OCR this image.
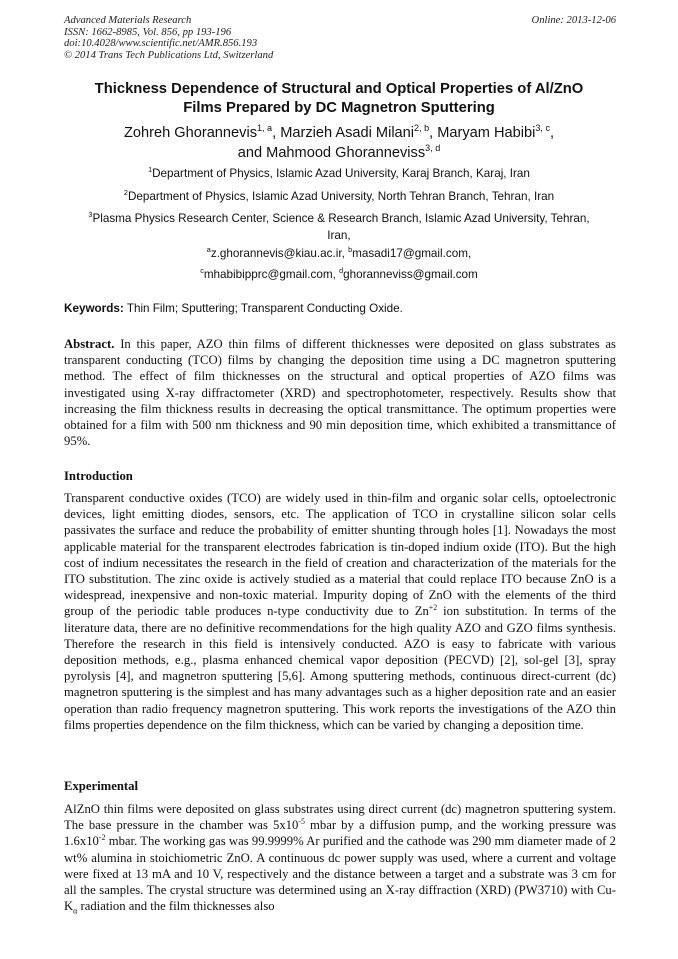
Advanced Materials Research
ISSN: 1662-8985, Vol. 856, pp 193-196
doi:10.4028/www.scientific.net/AMR.856.193
© 2014 Trans Tech Publications Ltd, Switzerland
Online: 2013-12-06
Thickness Dependence of Structural and Optical Properties of Al/ZnO
Films Prepared by DC Magnetron Sputtering
Zohreh Ghorannevis$^{1, a}$, Marzieh Asadi Milani$^{2, b}$, Maryam Habibi$^{3, c}$,
and Mahmood Ghoranneviss$^{3, d}$
$^1$Department of Physics, Islamic Azad University, Karaj Branch, Karaj, Iran
$^2$Department of Physics, Islamic Azad University, North Tehran Branch, Tehran, Iran
$^3$Plasma Physics Research Center, Science & Research Branch, Islamic Azad University, Tehran, Iran,
$^a$z.ghorannevis@kiau.ac.ir, $^b$masadi17@gmail.com,
$^c$mhabibipprc@gmail.com, $^d$ghoranneviss@gmail.com
Keywords: Thin Film; Sputtering; Transparent Conducting Oxide.
Abstract. In this paper, AZO thin films of different thicknesses were deposited on glass substrates as transparent conducting (TCO) films by changing the deposition time using a DC magnetron sputtering method. The effect of film thicknesses on the structural and optical properties of AZO films was investigated using X-ray diffractometer (XRD) and spectrophotometer, respectively. Results show that increasing the film thickness results in decreasing the optical transmittance. The optimum properties were obtained for a film with 500 nm thickness and 90 min deposition time, which exhibited a transmittance of 95%.
Introduction
Transparent conductive oxides (TCO) are widely used in thin-film and organic solar cells, optoelectronic devices, light emitting diodes, sensors, etc. The application of TCO in crystalline silicon solar cells passivates the surface and reduce the probability of emitter shunting through holes [1]. Nowadays the most applicable material for the transparent electrodes fabrication is tin-doped indium oxide (ITO). But the high cost of indium necessitates the research in the field of creation and characterization of the materials for the ITO substitution. The zinc oxide is actively studied as a material that could replace ITO because ZnO is a widespread, inexpensive and non-toxic material. Impurity doping of ZnO with the elements of the third group of the periodic table produces n-type conductivity due to $Zn^{+2}$ ion substitution. In terms of the literature data, there are no definitive recommendations for the high quality AZO and GZO films synthesis. Therefore the research in this field is intensively conducted. AZO is easy to fabricate with various deposition methods, e.g., plasma enhanced chemical vapor deposition (PECVD) [2], sol-gel [3], spray pyrolysis [4], and magnetron sputtering [5,6]. Among sputtering methods, continuous direct-current (dc) magnetron sputtering is the simplest and has many advantages such as a higher deposition rate and an easier operation than radio frequency magnetron sputtering. This work reports the investigations of the AZO thin films properties dependence on the film thickness, which can be varied by changing a deposition time.
Experimental
AlZnO thin films were deposited on glass substrates using direct current (dc) magnetron sputtering system. The base pressure in the chamber was $5x10^{-5}$ mbar by a diffusion pump, and the working pressure was $1.6x10^{-2}$ mbar. The working gas was 99.9999% Ar purified and the cathode was 290 mm diameter made of 2 wt% alumina in stoichiometric ZnO. A continuous dc power supply was used, where a current and voltage were fixed at 13 mA and 10 V, respectively and the distance between a target and a substrate was 3 cm for all the samples. The crystal structure was determined using an X-ray diffraction (XRD) (PW3710) with $Cu-K_\alpha$ radiation and the film thicknesses also
